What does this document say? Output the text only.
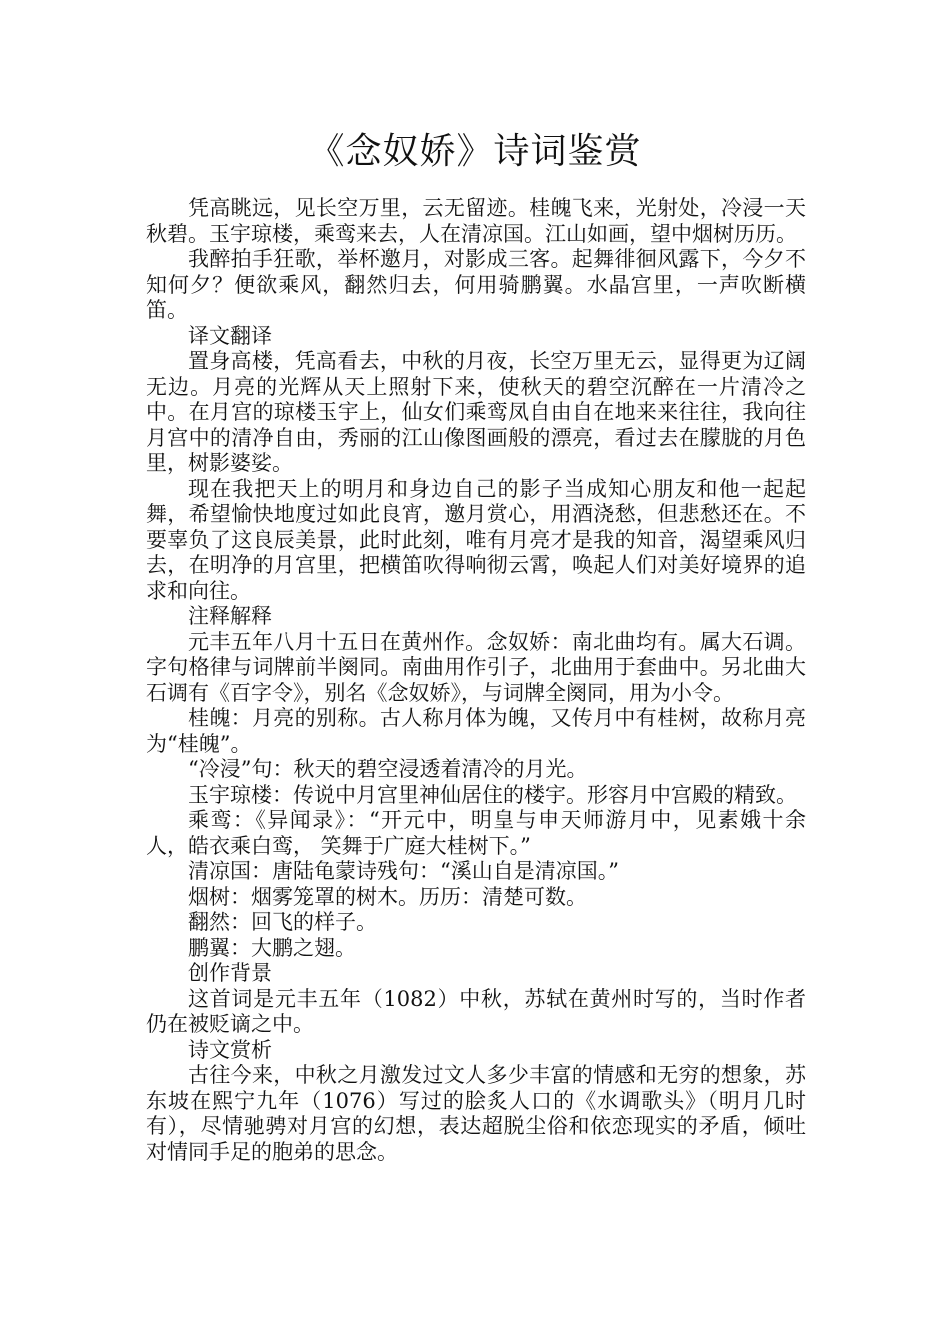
《念奴娇》诗词鉴赏

凭高眺远，见长空万里，云无留迹。桂魄飞来，光射处，冷浸一天秋碧。玉宇琼楼，乘鸾来去，人在清凉国。江山如画，望中烟树历历。

我醉拍手狂歌，举杯邀月，对影成三客。起舞徘徊风露下，今夕不知何夕？便欲乘风，翻然归去，何用骑鹏翼。水晶宫里，一声吹断横笛。

译文翻译

置身高楼，凭高看去，中秋的月夜，长空万里无云，显得更为辽阔无边。月亮的光辉从天上照射下来，使秋天的碧空沉醉在一片清冷之中。在月宫的琼楼玉宇上，仙女们乘鸾凤自由自在地来来往往，我向往月宫中的清净自由，秀丽的江山像图画般的漂亮，看过去在朦胧的月色里，树影婆娑。

现在我把天上的明月和身边自己的影子当成知心朋友和他一起起舞，希望愉快地度过如此良宵，邀月赏心，用酒浇愁，但悲愁还在。不要辜负了这良辰美景，此时此刻，唯有月亮才是我的知音，渴望乘风归去，在明净的月宫里，把横笛吹得响彻云霄，唤起人们对美好境界的追求和向往。

注释解释

元丰五年八月十五日在黄州作。念奴娇：南北曲均有。属大石调。字句格律与词牌前半阕同。南曲用作引子，北曲用于套曲中。另北曲大石调有《百字令》，别名《念奴娇》，与词牌全阕同，用为小令。

桂魄：月亮的别称。古人称月体为魄，又传月中有桂树，故称月亮为“桂魄”。

“冷浸”句：秋天的碧空浸透着清冷的月光。

玉宇琼楼：传说中月宫里神仙居住的楼宇。形容月中宫殿的精致。

乘鸾：《异闻录》：“开元中，明皇与申天师游月中，见素娥十余人，皓衣乘白鸾， 笑舞于广庭大桂树下。”

清凉国：唐陆龟蒙诗残句：“溪山自是清凉国。”

烟树：烟雾笼罩的树木。历历：清楚可数。

翻然：回飞的样子。

鹏翼：大鹏之翅。

创作背景

这首词是元丰五年（1082）中秋，苏轼在黄州时写的，当时作者仍在被贬谪之中。

诗文赏析

古往今来，中秋之月激发过文人多少丰富的情感和无穷的想象，苏东坡在熙宁九年（1076）写过的脍炙人口的《水调歌头》（明月几时有），尽情驰骋对月宫的幻想，表达超脱尘俗和依恋现实的矛盾，倾吐对情同手足的胞弟的思念。
